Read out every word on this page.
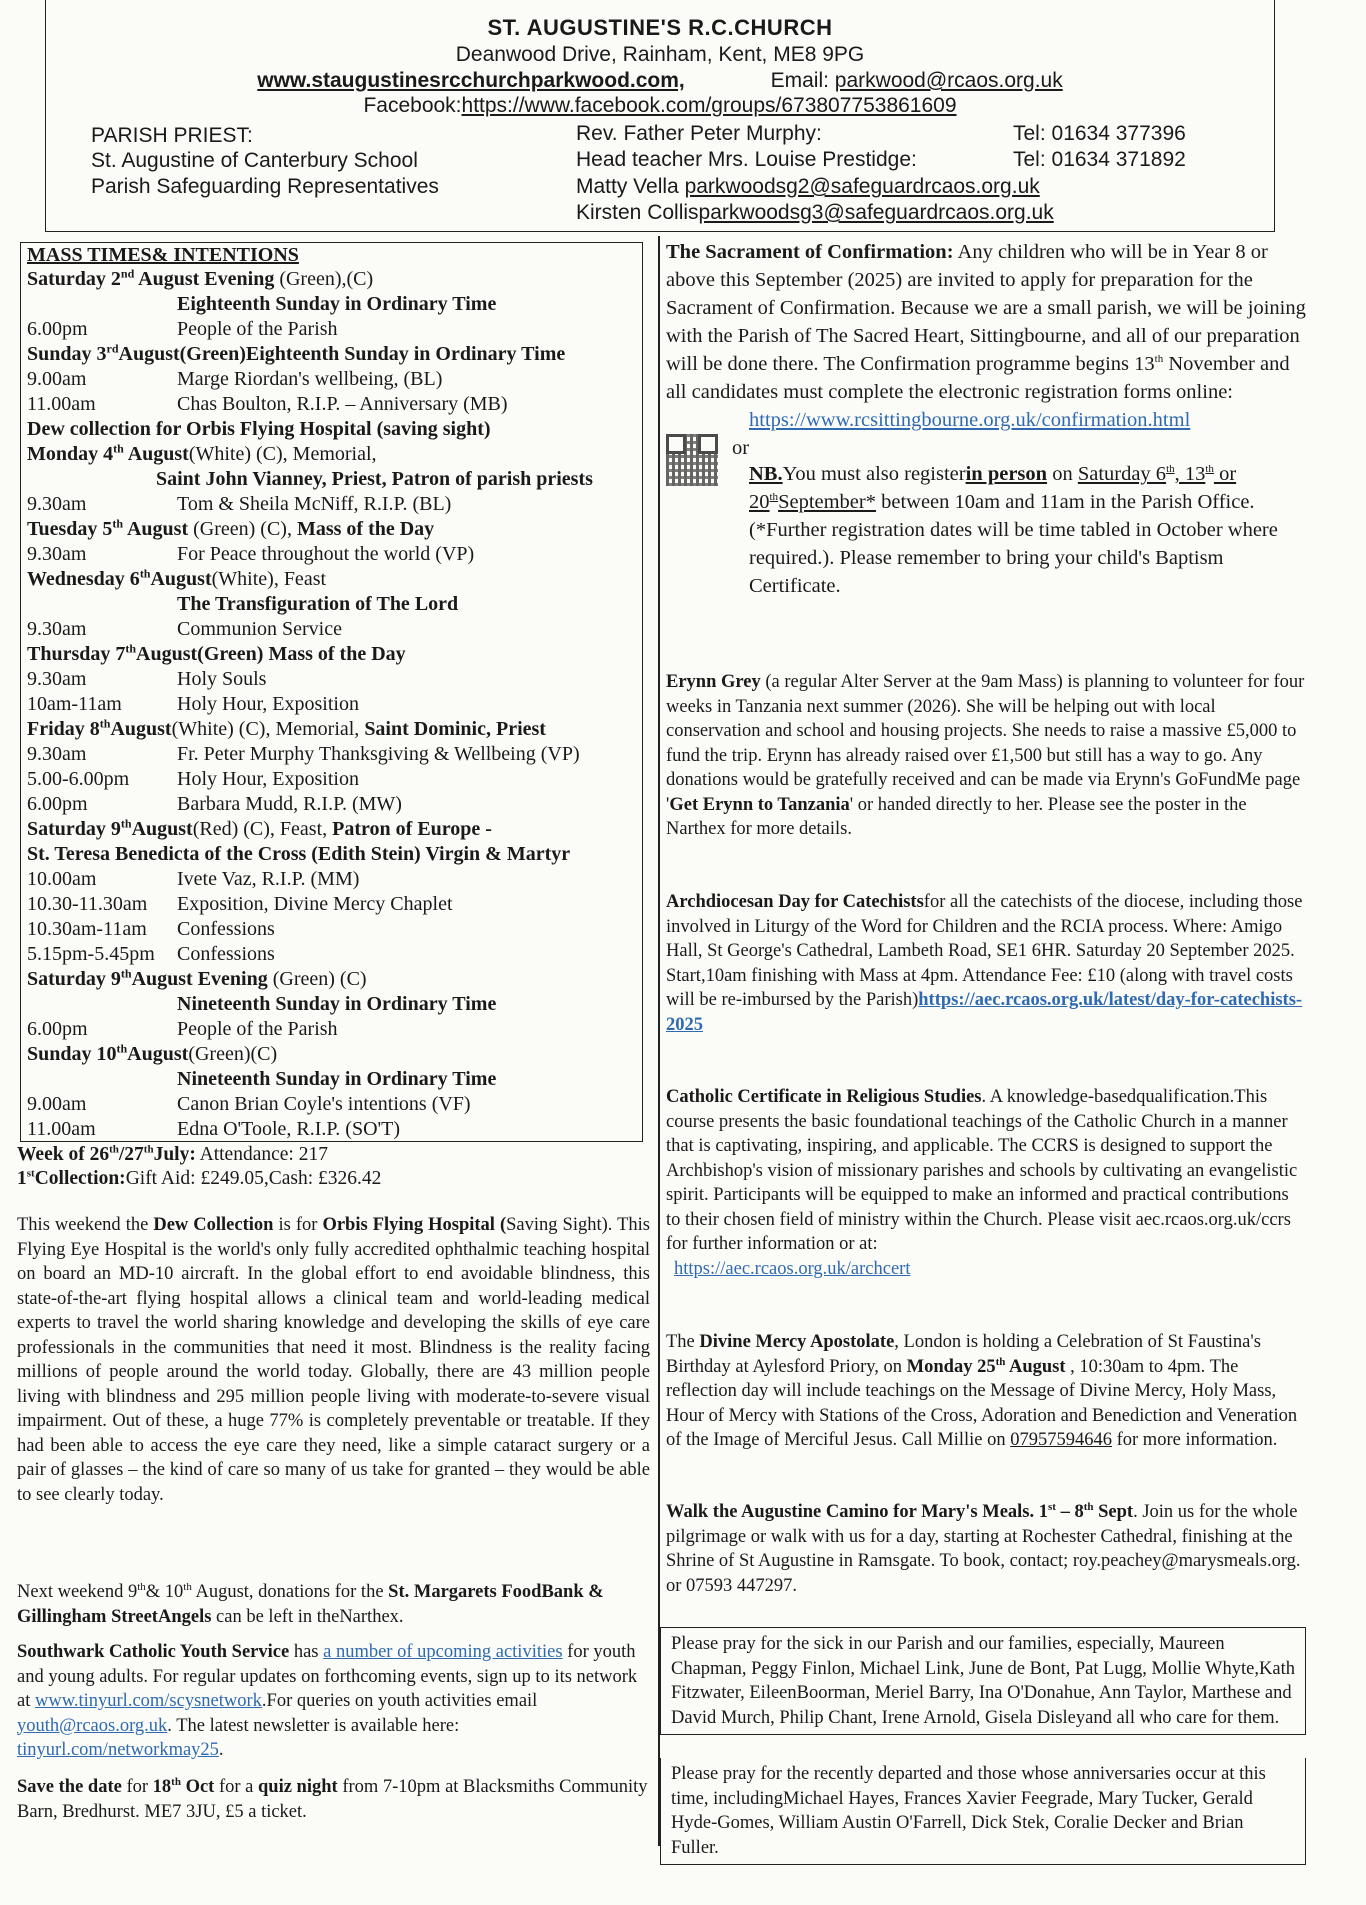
ST. AUGUSTINE'S R.C.CHURCH
Deanwood Drive, Rainham, Kent, ME8 9PG
www.staugustinesrcchurchparkwood.com,	Email: parkwood@rcaos.org.uk
Facebook:https://www.facebook.com/groups/673807753861609
PARISH PRIEST:	Rev. Father Peter Murphy:	Tel: 01634 377396
St. Augustine of Canterbury School	Head teacher Mrs. Louise Prestidge:	Tel: 01634 371892
Parish Safeguarding Representatives	Matty Vella parkwoodsg2@safeguardrcaos.org.uk
Kirsten Collisparkwoodsg3@safeguardrcaos.org.uk
MASS TIMES& INTENTIONS
Saturday 2nd August Evening (Green),(C)
Eighteenth Sunday in Ordinary Time
6.00pm	People of the Parish
Sunday 3rdAugust(Green)Eighteenth Sunday in Ordinary Time
9.00am	Marge Riordan's wellbeing, (BL)
11.00am	Chas Boulton, R.I.P. – Anniversary (MB)
Dew collection for Orbis Flying Hospital (saving sight)
Monday 4th August(White) (C), Memorial,
Saint John Vianney, Priest, Patron of parish priests
9.30am	Tom & Sheila McNiff, R.I.P. (BL)
Tuesday 5th August (Green) (C), Mass of the Day
9.30am	For Peace throughout the world (VP)
Wednesday 6thAugust(White), Feast
The Transfiguration of The Lord
9.30am	Communion Service
Thursday 7thAugust(Green) Mass of the Day
9.30am	Holy Souls
10am-11am	Holy Hour, Exposition
Friday 8thAugust(White) (C), Memorial, Saint Dominic, Priest
9.30am	Fr. Peter Murphy Thanksgiving & Wellbeing (VP)
5.00-6.00pm Holy Hour, Exposition
6.00pm	Barbara Mudd, R.I.P. (MW)
Saturday 9thAugust(Red) (C), Feast, Patron of Europe -
St. Teresa Benedicta of the Cross (Edith Stein) Virgin & Martyr
10.00am	Ivete Vaz, R.I.P. (MM)
10.30-11.30am Exposition, Divine Mercy Chaplet
10.30am-11am Confessions
5.15pm-5.45pm Confessions
Saturday 9thAugust Evening (Green) (C)
Nineteenth Sunday in Ordinary Time
6.00pm	People of the Parish
Sunday 10thAugust(Green)(C)
Nineteenth Sunday in Ordinary Time
9.00am	Canon Brian Coyle's intentions (VF)
11.00am	Edna O'Toole, R.I.P. (SO'T)

Week of 26th/27thJuly: Attendance: 217

1stCollection:Gift Aid: £249.05,Cash: £326.42

This weekend the Dew Collection is for Orbis Flying Hospital (Saving Sight). This Flying Eye Hospital is the world's only fully accredited ophthalmic teaching hospital on board an MD-10 aircraft. In the global effort to end avoidable blindness, this state-of-the-art flying hospital allows a clinical team and world-leading medical experts to travel the world sharing knowledge and developing the skills of eye care professionals in the communities that need it most. Blindness is the reality facing millions of people around the world today. Globally, there are 43 million people living with blindness and 295 million people living with moderate-to-severe visual impairment. Out of these, a huge 77% is completely preventable or treatable. If they had been able to access the eye care they need, like a simple cataract surgery or a pair of glasses – the kind of care so many of us take for granted – they would be able to see clearly today.

Next weekend 9th& 10th August, donations for the St. Margarets FoodBank & Gillingham StreetAngels can be left in theNarthex.

Southwark Catholic Youth Service has a number of upcoming activities for youth and young adults. For regular updates on forthcoming events, sign up to its network at www.tinyurl.com/scysnetwork.For queries on youth activities email youth@rcaos.org.uk. The latest newsletter is available here: tinyurl.com/networkmay25.

Save the date for 18th Oct for a quiz night from 7-10pm at Blacksmiths Community Barn, Bredhurst. ME7 3JU, £5 a ticket.

The Sacrament of Confirmation: Any children who will be in Year 8 or above this September (2025) are invited to apply for preparation for the Sacrament of Confirmation. Because we are a small parish, we will be joining with the Parish of The Sacred Heart, Sittingbourne, and all of our preparation will be done there. The Confirmation programme begins 13th November and all candidates must complete the electronic registration forms online:

https://www.rcsittingbourne.org.uk/confirmation.html

or

NB.You must also registerin person on Saturday 6th, 13th or 20thSeptember* between 10am and 11am in the Parish Office.(*Further registration dates will be time tabled in October where required.). Please remember to bring your child's Baptism Certificate.

Erynn Grey (a regular Alter Server at the 9am Mass) is planning to volunteer for four weeks in Tanzania next summer (2026). She will be helping out with local conservation and school and housing projects. She needs to raise a massive £5,000 to fund the trip. Erynn has already raised over £1,500 but still has a way to go. Any donations would be gratefully received and can be made via Erynn's GoFundMe page 'Get Erynn to Tanzania' or handed directly to her. Please see the poster in the Narthex for more details.

Archdiocesan Day for Catechistsfor all the catechists of the diocese, including those involved in Liturgy of the Word for Children and the RCIA process. Where: Amigo Hall, St George's Cathedral, Lambeth Road, SE1 6HR. Saturday 20 September 2025. Start,10am finishing with Mass at 4pm. Attendance Fee: £10 (along with travel costs will be re-imbursed by the Parish)https://aec.rcaos.org.uk/latest/day-for-catechists-2025

Catholic Certificate in Religious Studies. A knowledge-basedqualification.This course presents the basic foundational teachings of the Catholic Church in a manner that is captivating, inspiring, and applicable. The CCRS is designed to support the Archbishop's vision of missionary parishes and schools by cultivating an evangelistic spirit. Participants will be equipped to make an informed and practical contributions to their chosen field of ministry within the Church. Please visit aec.rcaos.org.uk/ccrs for further information or at:

https://aec.rcaos.org.uk/archcert

The Divine Mercy Apostolate, London is holding a Celebration of St Faustina's Birthday at Aylesford Priory, on Monday 25th August , 10:30am to 4pm. The reflection day will include teachings on the Message of Divine Mercy, Holy Mass, Hour of Mercy with Stations of the Cross, Adoration and Benediction and Veneration of the Image of Merciful Jesus. Call Millie on 07957594646 for more information.

Walk the Augustine Camino for Mary's Meals. 1st – 8th Sept. Join us for the whole pilgrimage or walk with us for a day, starting at Rochester Cathedral, finishing at the Shrine of St Augustine in Ramsgate. To book, contact; roy.peachey@marysmeals.org. or 07593 447297.

Please pray for the sick in our Parish and our families, especially, Maureen Chapman, Peggy Finlon, Michael Link, June de Bont, Pat Lugg, Mollie Whyte,Kath Fitzwater, EileenBoorman, Meriel Barry, Ina O'Donahue, Ann Taylor, Marthese and David Murch, Philip Chant, Irene Arnold, Gisela Disleyand all who care for them.

Please pray for the recently departed and those whose anniversaries occur at this time, includingMichael Hayes, Frances Xavier Feegrade, Mary Tucker, Gerald Hyde-Gomes, William Austin O'Farrell, Dick Stek, Coralie Decker and Brian Fuller.
